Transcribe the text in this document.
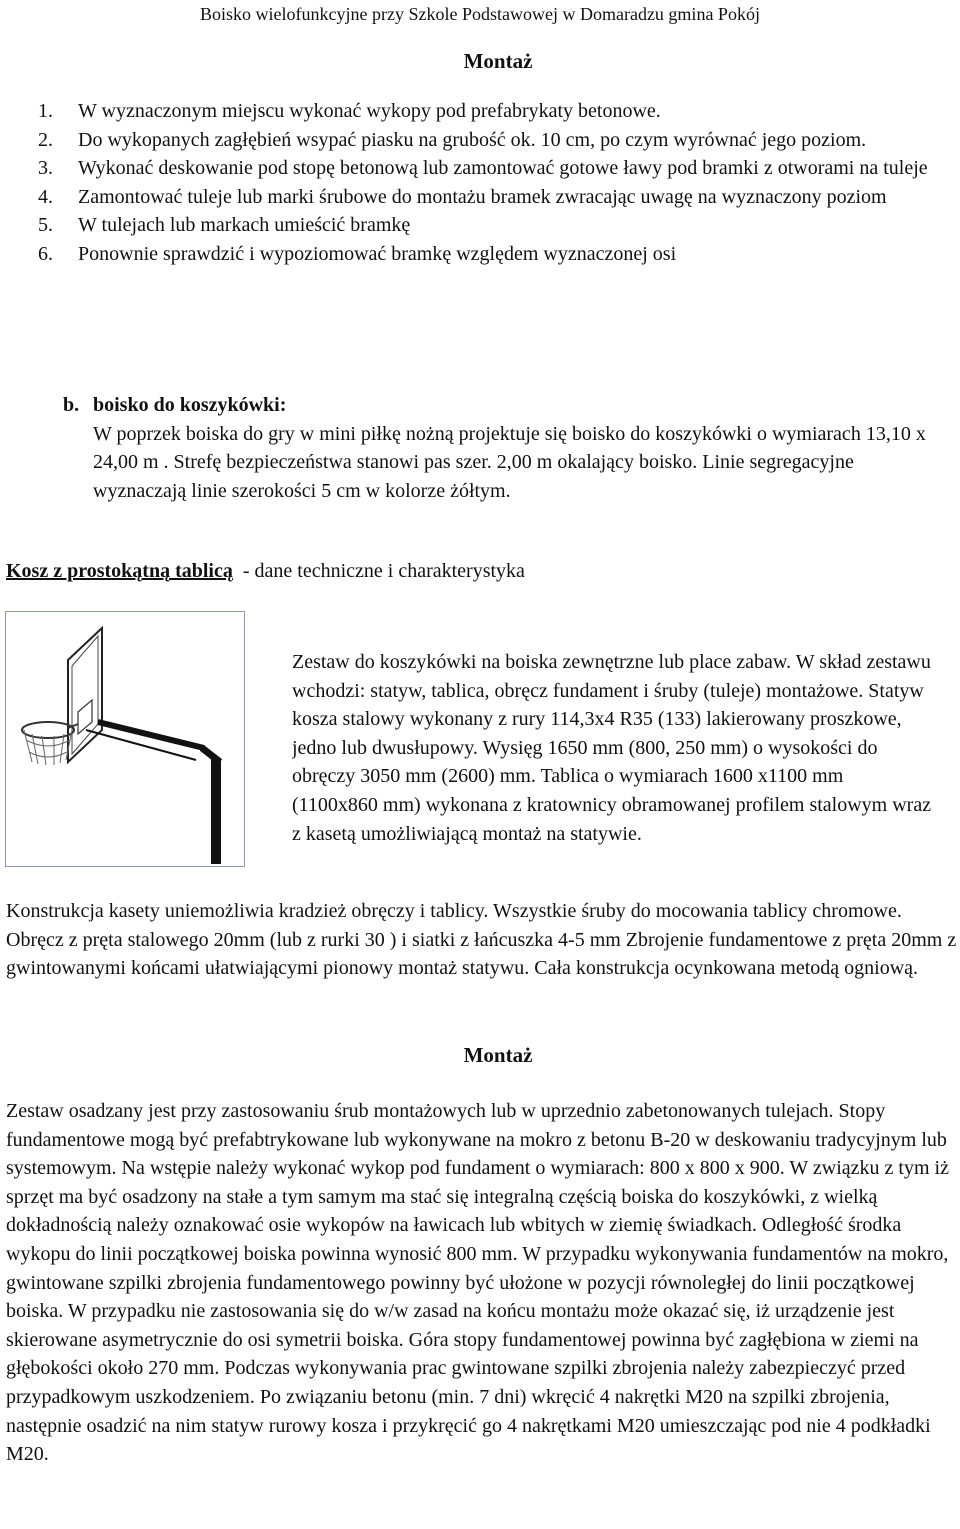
Boisko wielofunkcyjne przy Szkole Podstawowej w Domaradzu gmina Pokój
Montaż
1. W wyznaczonym miejscu wykonać wykopy pod prefabrykaty betonowe.
2. Do wykopanych zagłębień wsypać piasku na grubość ok. 10 cm, po czym wyrównać jego poziom.
3. Wykonać deskowanie pod stopę betonową lub zamontować gotowe ławy pod bramki z otworami na tuleje
4. Zamontować tuleje lub marki śrubowe do montażu bramek zwracając uwagę na wyznaczony poziom
5. W tulejach lub markach umieścić bramkę
6. Ponownie sprawdzić i wypoziomować bramkę względem wyznaczonej osi
b. boisko do koszykówki:
W poprzek boiska do gry w mini piłkę nożną projektuje się boisko do koszykówki o wymiarach 13,10 x 24,00 m . Strefę bezpieczeństwa stanowi pas szer. 2,00 m okalający boisko. Linie segregacyjne wyznaczają linie szerokości 5 cm w kolorze żółtym.
Kosz z prostokątną tablicą  - dane techniczne i charakterystyka
Zestaw do koszykówki na boiska zewnętrzne lub place zabaw. W skład zestawu wchodzi: statyw, tablica, obręcz fundament i śruby (tuleje) montażowe. Statyw kosza stalowy wykonany z rury 114,3x4 R35 (133) lakierowany proszkowe, jedno lub dwusłupowy. Wysięg 1650 mm (800, 250 mm) o wysokości do obręczy 3050 mm (2600) mm. Tablica o wymiarach 1600 x1100 mm (1100x860 mm) wykonana z kratownicy obramowanej profilem stalowym wraz z kasetą umożliwiającą montaż na statywie.
Konstrukcja kasety uniemożliwia kradzież obręczy i tablicy. Wszystkie śruby do mocowania tablicy chromowe. Obręcz z pręta stalowego 20mm (lub z rurki 30 ) i siatki z łańcuszka 4-5 mm Zbrojenie fundamentowe z pręta 20mm z gwintowanymi końcami ułatwiającymi pionowy montaż statywu. Cała konstrukcja ocynkowana metodą ogniową.
Montaż
Zestaw osadzany jest przy zastosowaniu śrub montażowych lub w uprzednio zabetonowanych tulejach. Stopy fundamentowe mogą być prefabtrykowane lub wykonywane na mokro z betonu B-20 w deskowaniu tradycyjnym lub systemowym. Na wstępie należy wykonać wykop pod fundament o wymiarach: 800 x 800 x 900. W związku z tym iż sprzęt ma być osadzony na stałe a tym samym ma stać się integralną częścią boiska do koszykówki, z wielką dokładnością należy oznakować osie wykopów na ławicach lub wbitych w ziemię świadkach. Odległość środka wykopu do linii początkowej boiska powinna wynosić 800 mm. W przypadku wykonywania fundamentów na mokro, gwintowane szpilki zbrojenia fundamentowego powinny być ułożone w pozycji równoległej do linii początkowej boiska. W przypadku nie zastosowania się do w/w zasad na końcu montażu może okazać się, iż urządzenie jest skierowane asymetrycznie do osi symetrii boiska. Góra stopy fundamentowej powinna być zagłębiona w ziemi na głębokości około 270 mm. Podczas wykonywania prac gwintowane szpilki zbrojenia należy zabezpieczyć przed przypadkowym uszkodzeniem. Po związaniu betonu (min. 7 dni) wkręcić 4 nakrętki M20 na szpilki zbrojenia, następnie osadzić na nim statyw rurowy kosza i przykręcić go 4 nakrętkami M20 umieszczając pod nie 4 podkładki M20.
